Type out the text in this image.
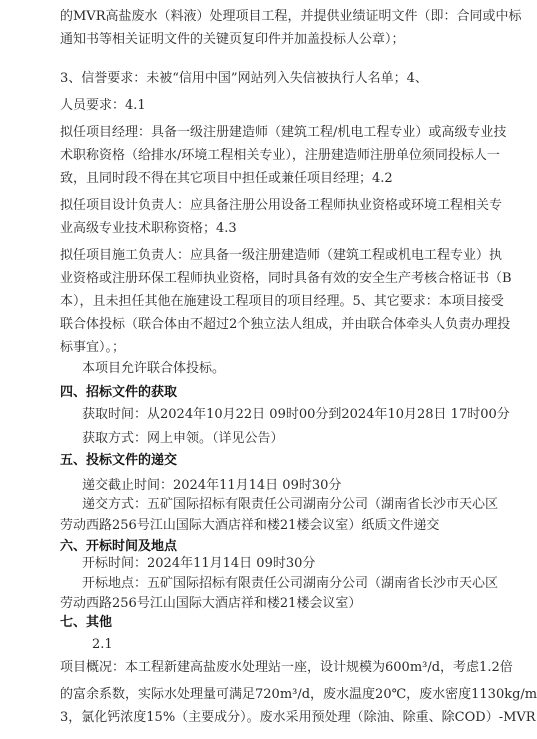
的MVR高盐废水（料液）处理项目工程，并提供业绩证明文件（即：合同或中标
通知书等相关证明文件的关键页复印件并加盖投标人公章）；
3、信誉要求：未被“信用中国”网站列入失信被执行人名单；4、
人员要求：4.1
拟任项目经理：具备一级注册建造师（建筑工程/机电工程专业）或高级专业技
术职称资格（给排水/环境工程相关专业），注册建造师注册单位须同投标人一
致，且同时段不得在其它项目中担任或兼任项目经理；4.2
拟任项目设计负责人：应具备注册公用设备工程师执业资格或环境工程相关专
业高级专业技术职称资格；4.3
拟任项目施工负责人：应具备一级注册建造师（建筑工程或机电工程专业）执
业资格或注册环保工程师执业资格，同时具备有效的安全生产考核合格证书（B
本），且未担任其他在施建设工程项目的项目经理。5、其它要求：本项目接受
联合体投标（联合体由不超过2个独立法人组成，并由联合体牵头人负责办理投
标事宜）。；
本项目允许联合体投标。
四、招标文件的获取
获取时间：从2024年10月22日 09时00分到2024年10月28日 17时00分
获取方式：网上申领。（详见公告）
五、投标文件的递交
递交截止时间：2024年11月14日 09时30分
递交方式：五矿国际招标有限责任公司湖南分公司（湖南省长沙市天心区
劳动西路256号江山国际大酒店祥和楼21楼会议室）纸质文件递交
六、开标时间及地点
开标时间：2024年11月14日 09时30分
开标地点：五矿国际招标有限责任公司湖南分公司（湖南省长沙市天心区
劳动西路256号江山国际大酒店祥和楼21楼会议室）
七、其他
2.1
项目概况：本工程新建高盐废水处理站一座，设计规模为600m³/d，考虑1.2倍
的富余系数，实际水处理量可满足720m³/d，废水温度20℃，废水密度1130kg/m
3，氯化钙浓度15%（主要成分）。废水采用预处理（除油、除重、除COD）-MVR
